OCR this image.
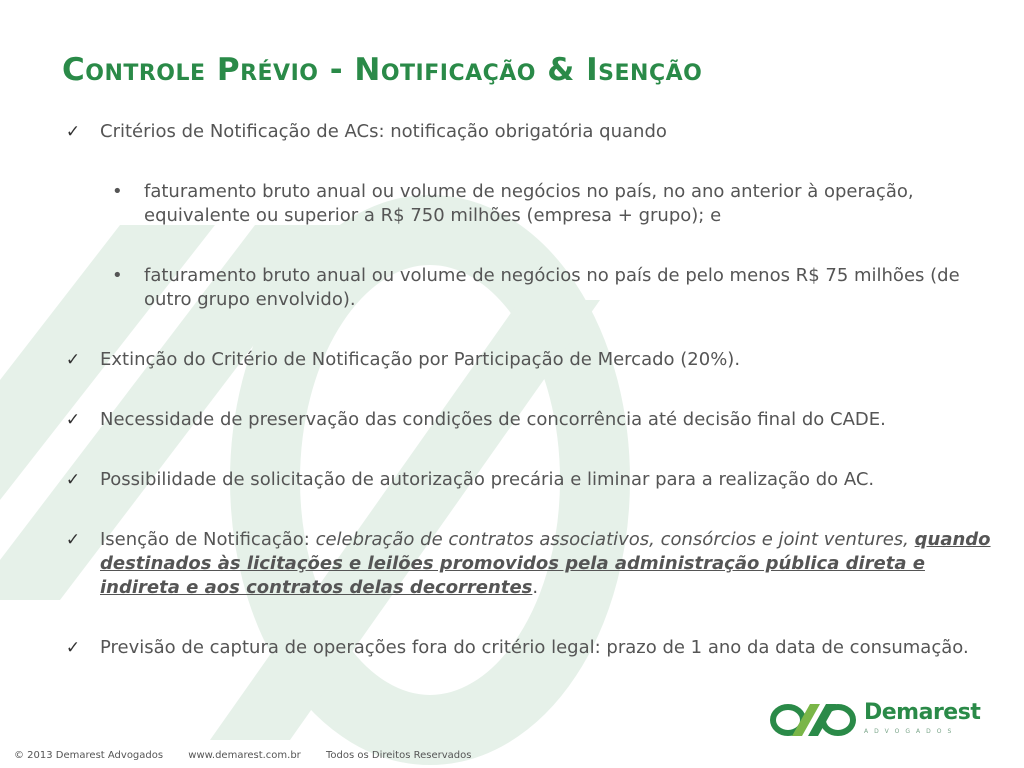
Controle Prévio - Notificação & Isenção
✓ Critérios de Notificação de ACs: notificação obrigatória quando
• faturamento bruto anual ou volume de negócios no país, no ano anterior à operação, equivalente ou superior a R$ 750 milhões (empresa + grupo); e
• faturamento bruto anual ou volume de negócios no país de pelo menos R$ 75 milhões (de outro grupo envolvido).
✓ Extinção do Critério de Notificação por Participação de Mercado (20%).
✓ Necessidade de preservação das condições de concorrência até decisão final do CADE.
✓ Possibilidade de solicitação de autorização precária e liminar para a realização do AC.
✓ Isenção de Notificação: celebração de contratos associativos, consórcios e joint ventures, quando destinados às licitações e leilões promovidos pela administração pública direta e indireta e aos contratos delas decorrentes.
✓ Previsão de captura de operações fora do critério legal: prazo de 1 ano da data de consumação.
Demarest
ADVOGADOS
© 2013 Demarest Advogados	www.demarest.com.br	Todos os Direitos Reservados
